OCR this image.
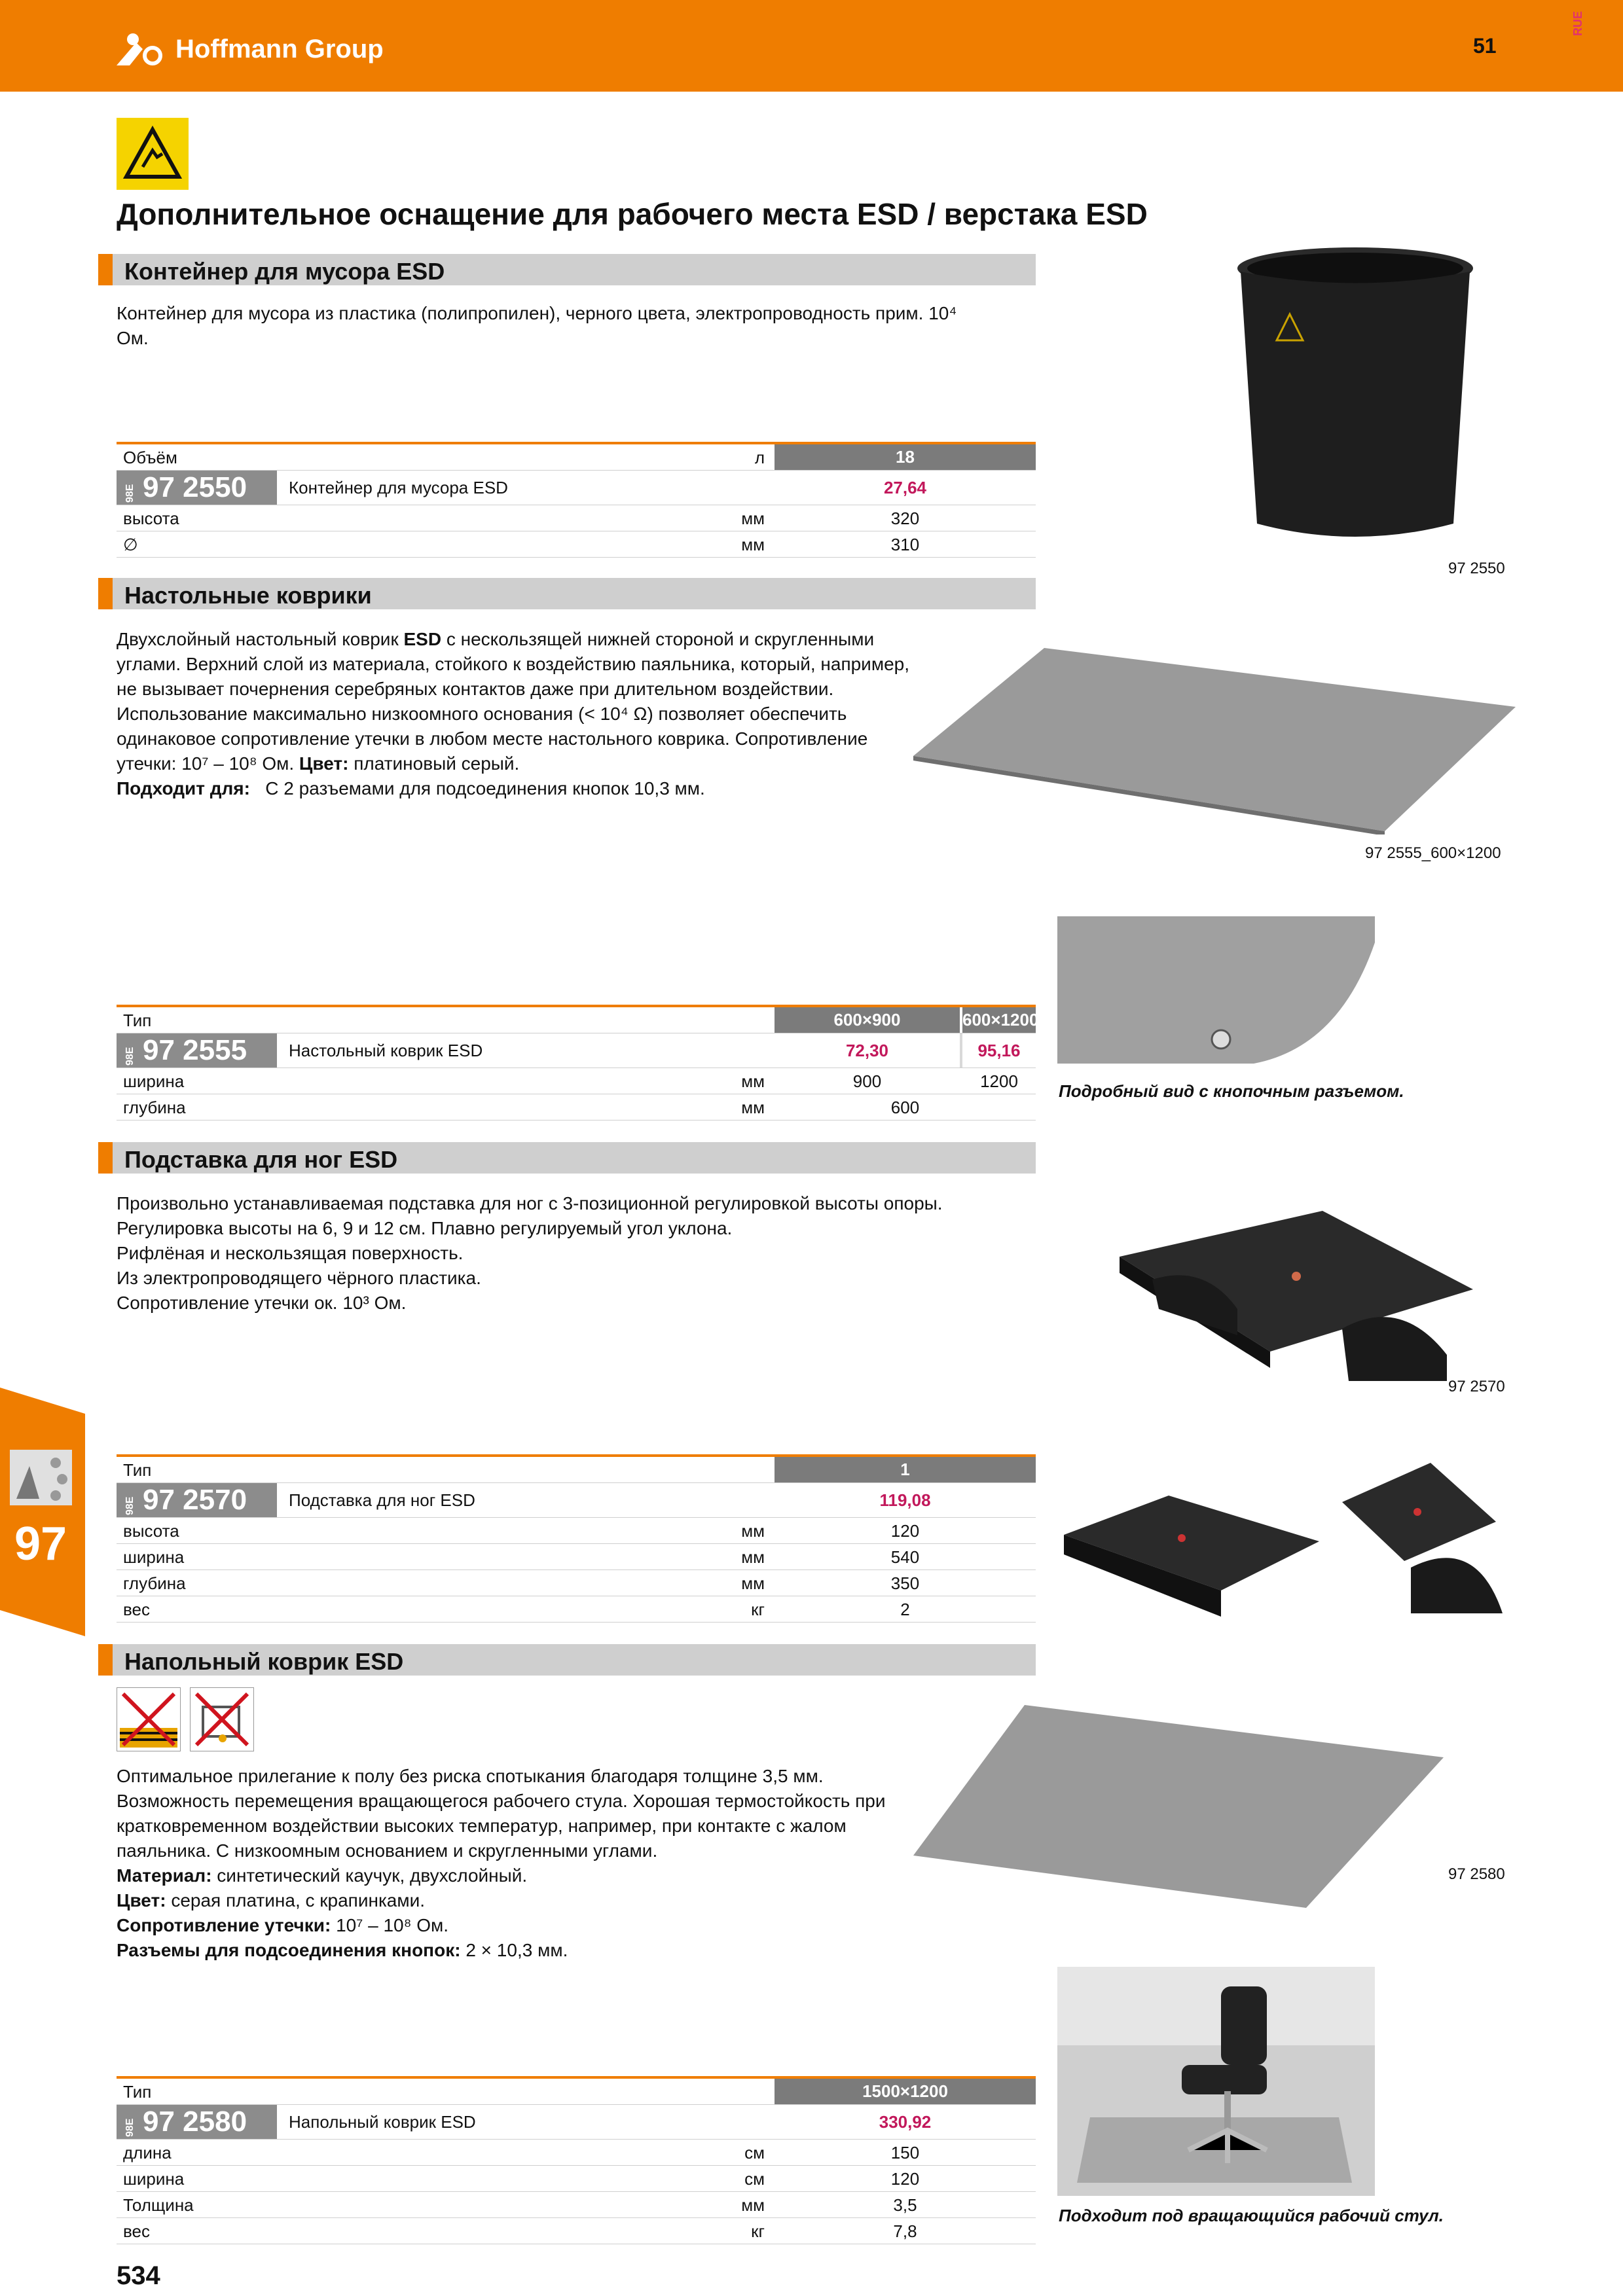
Hoffmann Group	51
RUE
Дополнительное оснащение для рабочего места ESD / верстака ESD
Контейнер для мусора ESD
Контейнер для мусора из пластика (полипропилен), черного цвета, электропроводность прим. 10⁴ Ом.
97 2550
Объём	л	18
98E 97 2550	Контейнер для мусора ESD	27,64
высота	мм	320
∅	мм	310
Настольные коврики
Двухслойный настольный коврик ESD с нескользящей нижней стороной и скругленными углами. Верхний слой из материала, стойкого к воздействию паяльника, который, например, не вызывает почернения серебряных контактов даже при длительном воздействии. Использование максимально низкоомного основания (< 10⁴ Ω) позволяет обеспечить одинаковое сопротивление утечки в любом месте настольного коврика. Сопротивление утечки: 10⁷ – 10⁸ Ом. Цвет: платиновый серый.
Подходит для:   С 2 разъемами для подсоединения кнопок 10,3 мм.
97 2555_600×1200
Подробный вид с кнопочным разъемом.
Тип	600×900	600×1200
98E 97 2555	Настольный коврик ESD	72,30	95,16
ширина	мм	900	1200
глубина	мм	600
Подставка для ног ESD
Произвольно устанавливаемая подставка для ног с 3-позиционной регулировкой высоты опоры.
Регулировка высоты на 6, 9 и 12 см. Плавно регулируемый угол уклона.
Рифлёная и нескользящая поверхность.
Из электропроводящего чёрного пластика.
Сопротивление утечки ок. 10³ Ом.
97 2570
Тип	1
98E 97 2570	Подставка для ног ESD	119,08
высота	мм	120
ширина	мм	540
глубина	мм	350
вес	кг	2
Напольный коврик ESD
Оптимальное прилегание к полу без риска спотыкания благодаря толщине 3,5 мм.
Возможность перемещения вращающегося рабочего стула. Хорошая термостойкость при кратковременном воздействии высоких температур, например, при контакте с жалом паяльника. С низкоомным основанием и скругленными углами.
Материал: синтетический каучук, двухслойный.
Цвет: серая платина, с крапинками.
Сопротивление утечки: 10⁷ – 10⁸ Ом.
Разъемы для подсоединения кнопок: 2 × 10,3 мм.
97 2580
Подходит под вращающийся рабочий стул.
Тип	1500×1200
98E 97 2580	Напольный коврик ESD	330,92
длина	см	150
ширина	см	120
Толщина	мм	3,5
вес	кг	7,8
97
534
